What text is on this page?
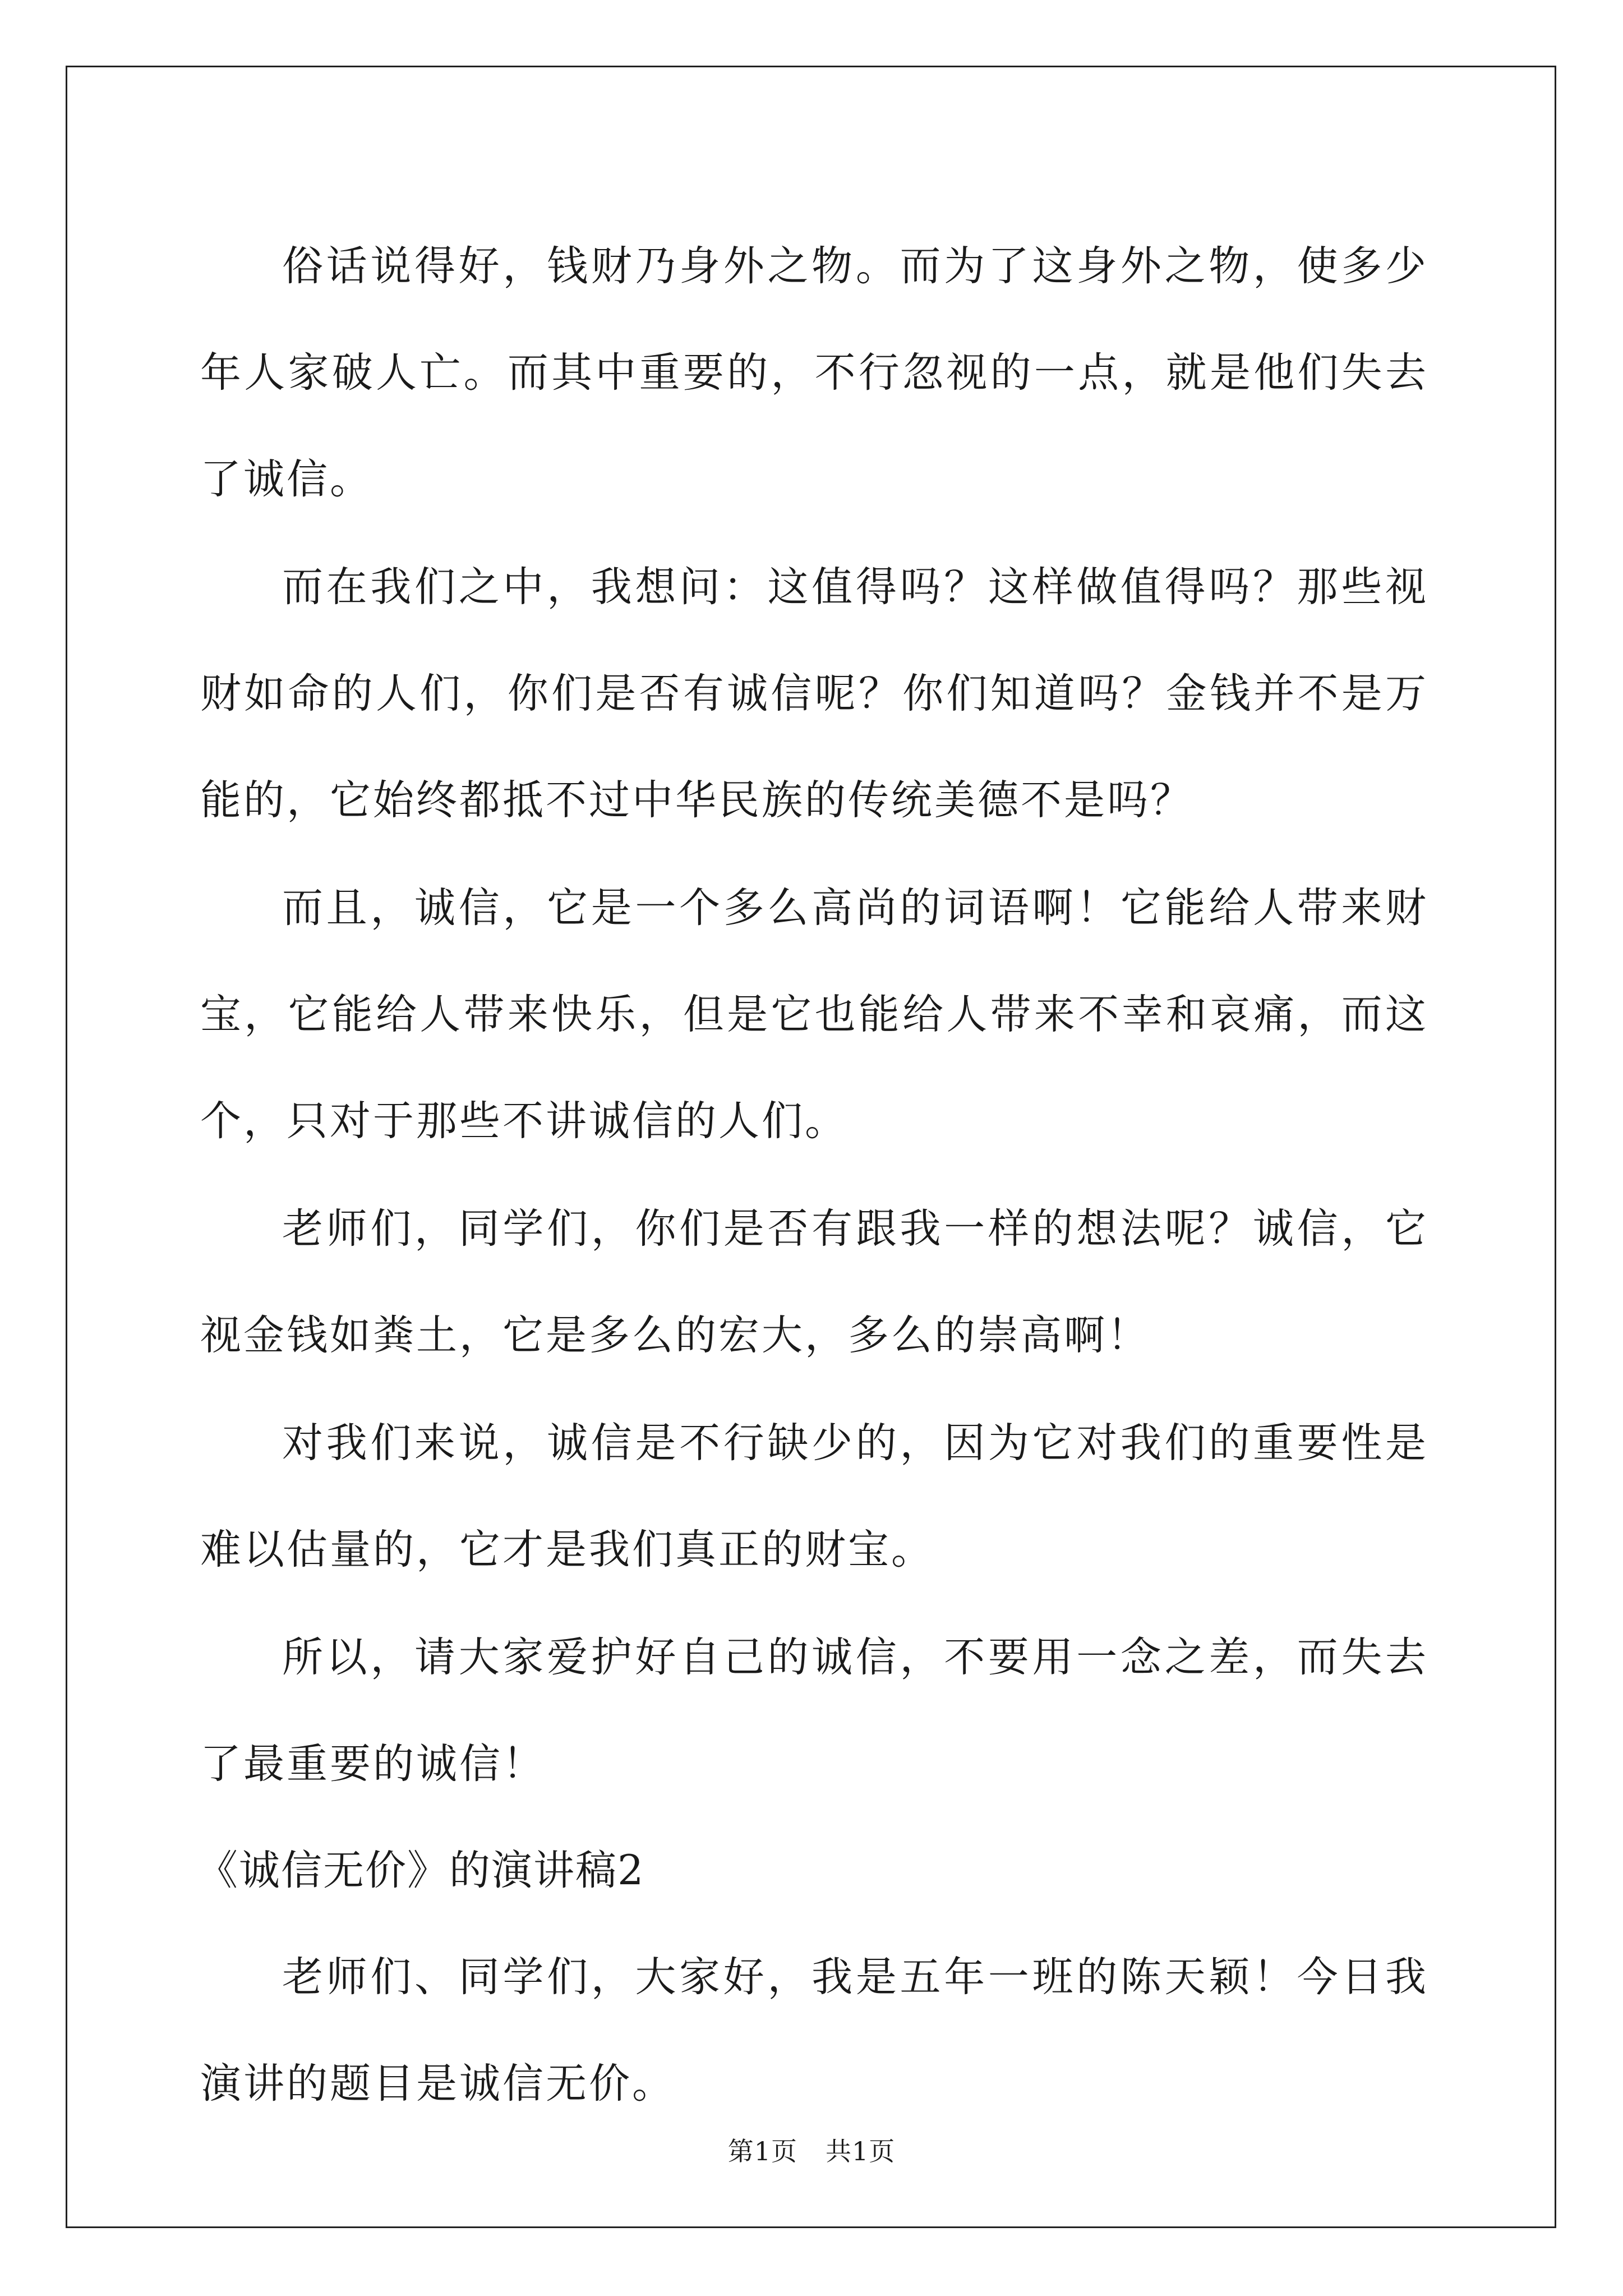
俗话说得好，钱财乃身外之物。而为了这身外之物，使多少年人家破人亡。而其中重要的，不行忽视的一点，就是他们失去了诚信。

而在我们之中，我想问：这值得吗？这样做值得吗？那些视财如命的人们，你们是否有诚信呢？你们知道吗？金钱并不是万能的，它始终都抵不过中华民族的传统美德不是吗？

而且，诚信，它是一个多么高尚的词语啊！它能给人带来财宝，它能给人带来快乐，但是它也能给人带来不幸和哀痛，而这个，只对于那些不讲诚信的人们。

老师们，同学们，你们是否有跟我一样的想法呢？诚信，它视金钱如粪土，它是多么的宏大，多么的崇高啊！

对我们来说，诚信是不行缺少的，因为它对我们的重要性是难以估量的，它才是我们真正的财宝。

所以，请大家爱护好自己的诚信，不要用一念之差，而失去了最重要的诚信！

《诚信无价》的演讲稿2

老师们、同学们，大家好，我是五年一班的陈天颖！今日我演讲的题目是诚信无价。

第1页 共1页
